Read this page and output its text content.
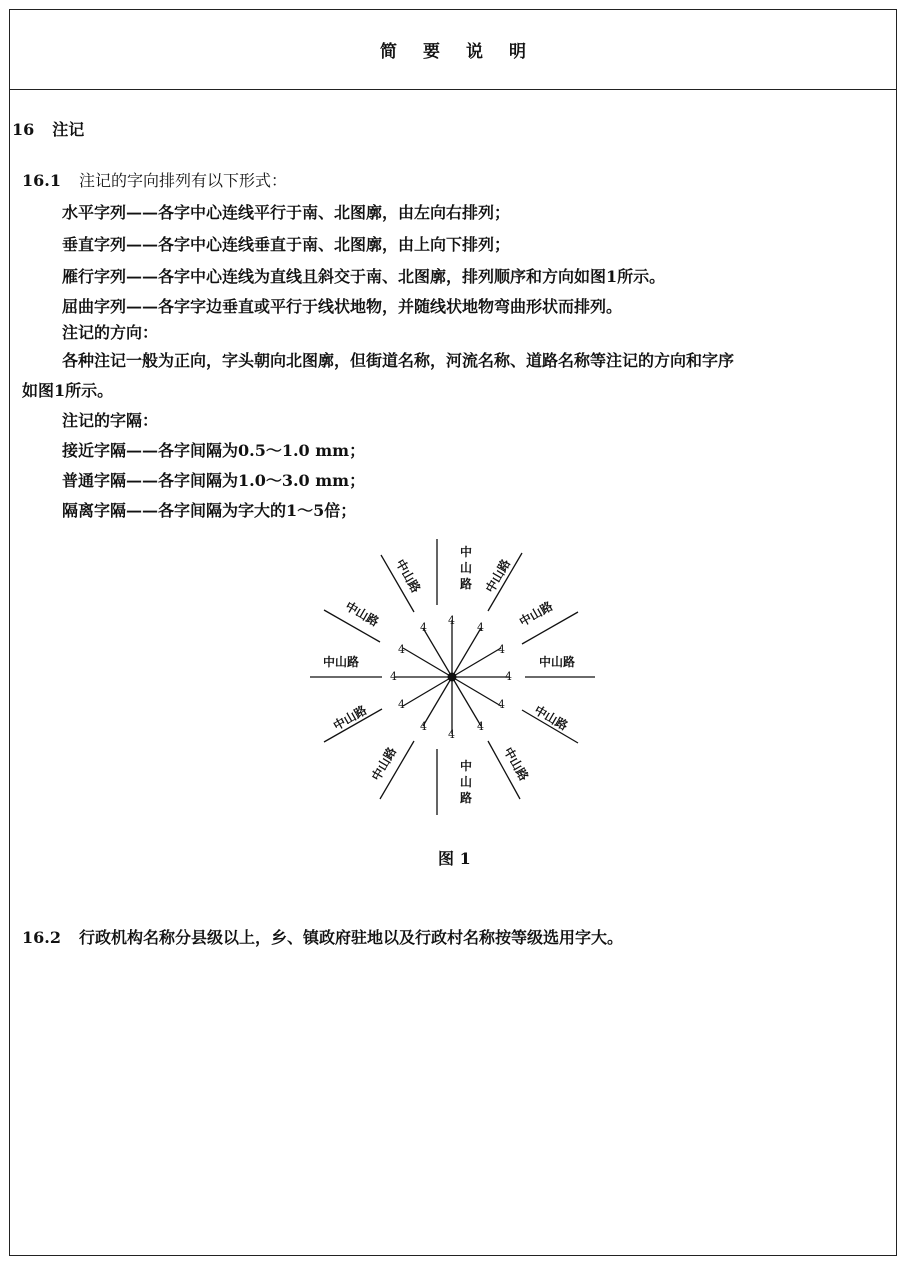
简要说明
16 注记
16.1 注记的字向排列有以下形式：
水平字列——各字中心连线平行于南、北图廓，由左向右排列；
垂直字列——各字中心连线垂直于南、北图廓，由上向下排列；
雁行字列——各字中心连线为直线且斜交于南、北图廓，排列顺序和方向如图1所示。
屈曲字列——各字字边垂直或平行于线状地物，并随线状地物弯曲形状而排列。
注记的方向：
各种注记一般为正向，字头朝向北图廓，但街道名称，河流名称、道路名称等注记的方向和字序
如图1所示。
注记的字隔：
接近字隔——各字间隔为0.5～1.0 mm；
普通字隔——各字间隔为1.0～3.0 mm；
隔离字隔——各字间隔为字大的1～5倍；
中山路
中山路
中山路	中山路
中山路	中山路
中山路	中山路
中山路	中山路
中山路	中山路
4
4	4
4	4
4	4
4	4
4	4
4
图 1
16.2 行政机构名称分县级以上，乡、镇政府驻地以及行政村名称按等级选用字大。
